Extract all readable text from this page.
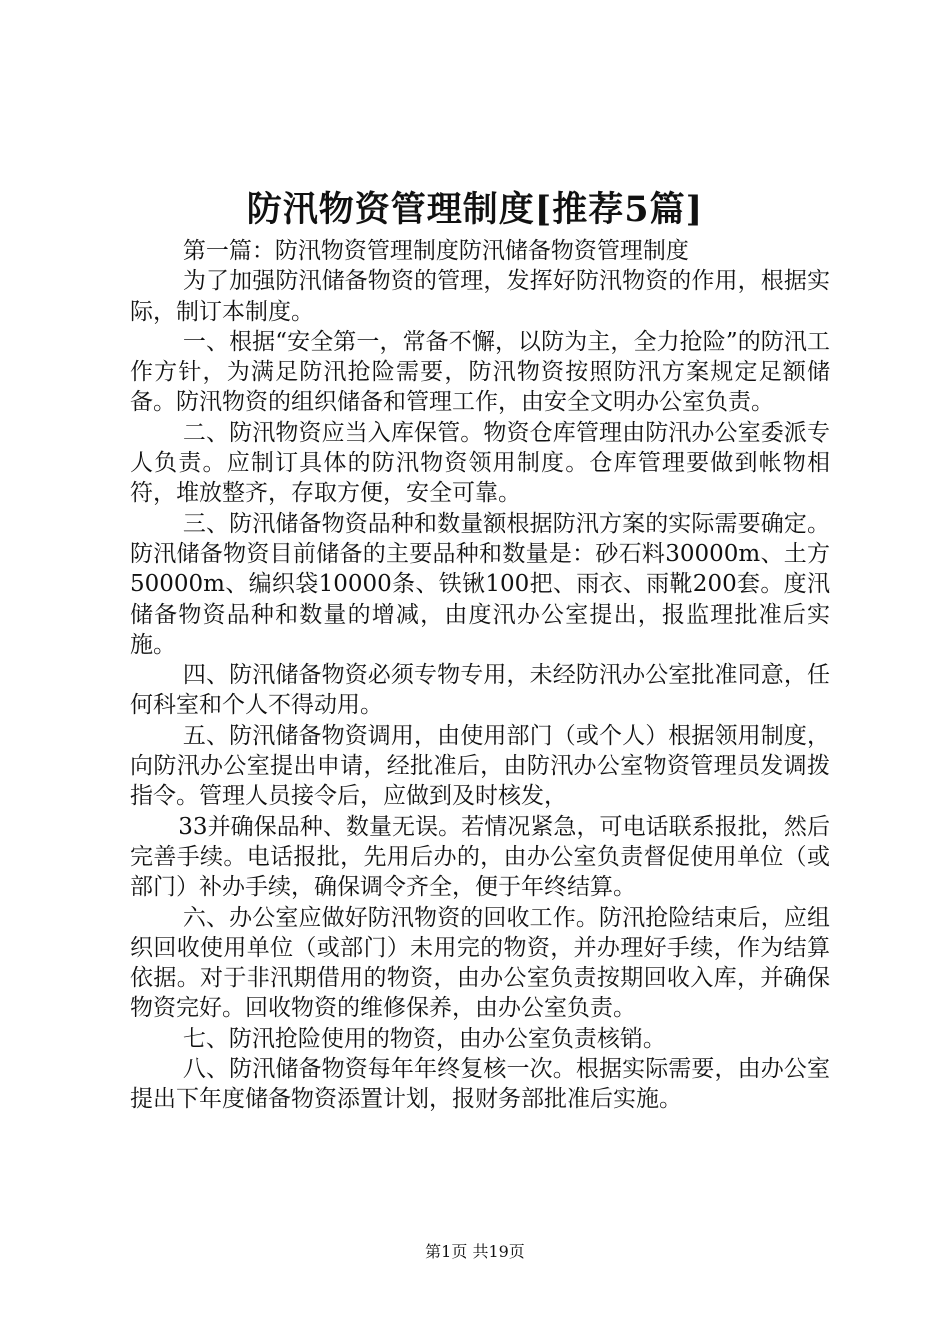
防汛物资管理制度[推荐5篇]

第一篇：防汛物资管理制度防汛储备物资管理制度

为了加强防汛储备物资的管理，发挥好防汛物资的作用，根据实际，制订本制度。

一、根据“安全第一，常备不懈，以防为主，全力抢险”的防汛工作方针，为满足防汛抢险需要，防汛物资按照防汛方案规定足额储备。防汛物资的组织储备和管理工作，由安全文明办公室负责。

二、防汛物资应当入库保管。物资仓库管理由防汛办公室委派专人负责。应制订具体的防汛物资领用制度。仓库管理要做到帐物相符，堆放整齐，存取方便，安全可靠。

三、防汛储备物资品种和数量额根据防汛方案的实际需要确定。防汛储备物资目前储备的主要品种和数量是：砂石料30000m、土方50000m、编织袋10000条、铁锹100把、雨衣、雨靴200套。度汛储备物资品种和数量的增减，由度汛办公室提出，报监理批准后实施。

四、防汛储备物资必须专物专用，未经防汛办公室批准同意，任何科室和个人不得动用。

五、防汛储备物资调用，由使用部门（或个人）根据领用制度，向防汛办公室提出申请，经批准后，由防汛办公室物资管理员发调拨指令。管理人员接令后，应做到及时核发，

33并确保品种、数量无误。若情况紧急，可电话联系报批，然后完善手续。电话报批，先用后办的，由办公室负责督促使用单位（或部门）补办手续，确保调令齐全，便于年终结算。

六、办公室应做好防汛物资的回收工作。防汛抢险结束后，应组织回收使用单位（或部门）未用完的物资，并办理好手续，作为结算依据。对于非汛期借用的物资，由办公室负责按期回收入库，并确保物资完好。回收物资的维修保养，由办公室负责。

七、防汛抢险使用的物资，由办公室负责核销。

八、防汛储备物资每年年终复核一次。根据实际需要，由办公室提出下年度储备物资添置计划，报财务部批准后实施。

第1页 共19页
